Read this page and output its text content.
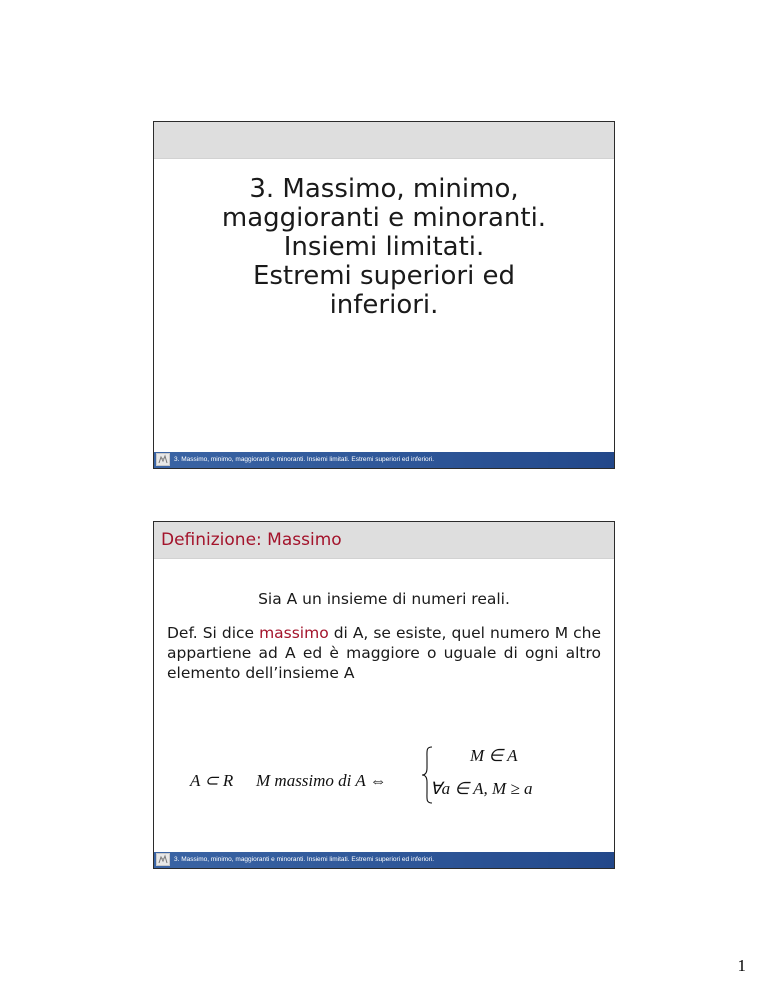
3. Massimo, minimo,
maggioranti e minoranti.
Insiemi limitati.
Estremi superiori ed
inferiori.
3. Massimo, minimo, maggioranti e minoranti. Insiemi limitati. Estremi superiori ed inferiori.
Definizione: Massimo
Sia A un insieme di numeri reali.
Def. Si dice massimo di A, se esiste, quel numero M che appartiene ad A ed è maggiore o uguale di ogni altro elemento dell’insieme A
A ⊂ R M massimo di A ⇔
M ∈ A
∀a ∈ A, M ≥ a
3. Massimo, minimo, maggioranti e minoranti. Insiemi limitati. Estremi superiori ed inferiori.
1
